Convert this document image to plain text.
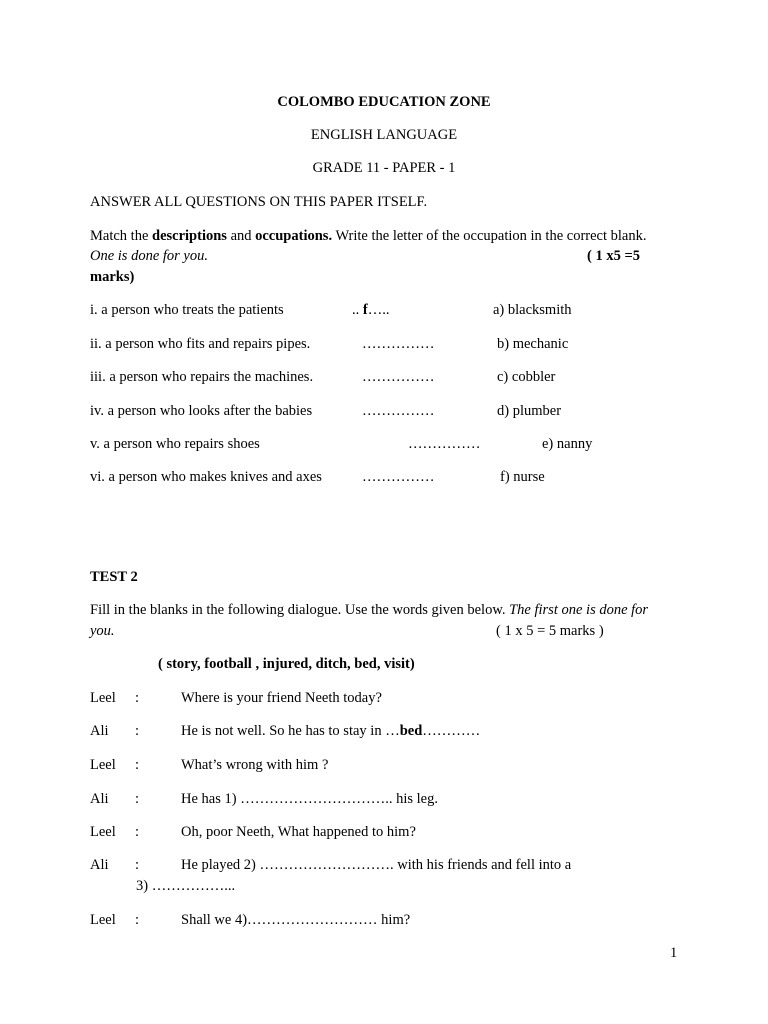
COLOMBO EDUCATION ZONE
ENGLISH LANGUAGE
GRADE 11 - PAPER - 1
ANSWER ALL QUESTIONS ON THIS PAPER ITSELF.
Match the descriptions and occupations. Write the letter of the occupation in the correct blank.
One is done for you.	( 1 x5 =5
marks)
i. a person who treats the patients	.. f…..	a) blacksmith
ii. a person who fits and repairs pipes.	……………	b) mechanic
iii. a person who repairs the machines.	……………	c) cobbler
iv. a person who looks after the babies	……………	d) plumber
v. a person who repairs shoes	……………	e) nanny
vi. a person who makes knives and axes	……………	f) nurse
TEST 2
Fill in the blanks in the following dialogue. Use the words given below. The first one is done for
you.	( 1 x 5 = 5 marks )
( story, football , injured, ditch, bed, visit)
Leel :	Where is your friend Neeth today?
Ali :	He is not well. So he has to stay in …bed…………
Leel :	What’s wrong with him ?
Ali :	He has 1) ………………………….. his leg.
Leel :	Oh, poor Neeth, What happened to him?
Ali :	He played 2) ………………………. with his friends and fell into a
3) ……………...
Leel :	Shall we 4)……………………… him?
1
